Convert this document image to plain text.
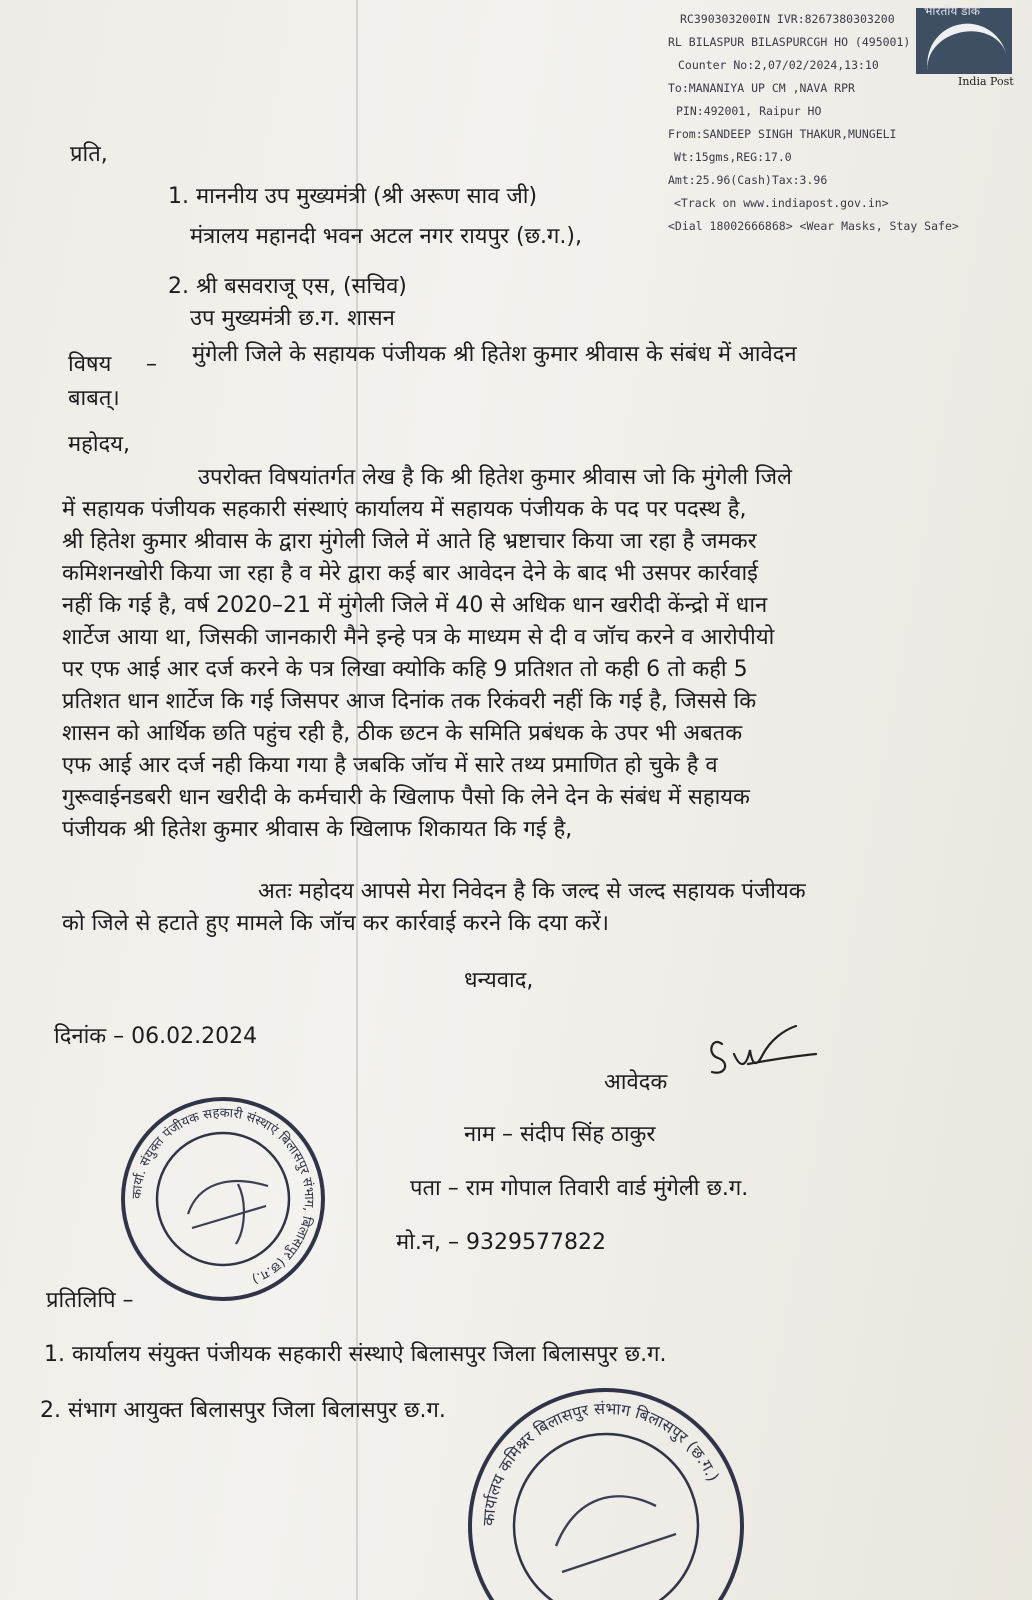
भारतीय डाक
India Post
RC390303200IN IVR:8267380303200
RL BILASPUR BILASPURCGH HO (495001)
Counter No:2,07/02/2024,13:10
To:MANANIYA UP CM ,NAVA RPR
PIN:492001, Raipur HO
From:SANDEEP SINGH THAKUR,MUNGELI
Wt:15gms,REG:17.0
Amt:25.96(Cash)Tax:3.96
<Track on www.indiapost.gov.in>
<Dial 18002666868> <Wear Masks, Stay Safe>
प्रति,
1. माननीय उप मुख्यमंत्री (श्री अरूण साव जी)
मंत्रालय महानदी भवन अटल नगर रायपुर (छ.ग.),
2. श्री बसवराजू एस, (सचिव)
उप मुख्यमंत्री छ.ग. शासन
विषय – मुंगेली जिले के सहायक पंजीयक श्री हितेश कुमार श्रीवास के संबंध में आवेदन
बाबत्।
महोदय,
उपरोक्त विषयांतर्गत लेख है कि श्री हितेश कुमार श्रीवास जो कि मुंगेली जिले
में सहायक पंजीयक सहकारी संस्थाएं कार्यालय में सहायक पंजीयक के पद पर पदस्थ है,
श्री हितेश कुमार श्रीवास के द्वारा मुंगेली जिले में आते हि भ्रष्टाचार किया जा रहा है जमकर
कमिशनखोरी किया जा रहा है व मेरे द्वारा कई बार आवेदन देने के बाद भी उसपर कार्रवाई
नहीं कि गई है, वर्ष 2020–21 में मुंगेली जिले में 40 से अधिक धान खरीदी केंन्द्रो में धान
शार्टेज आया था, जिसकी जानकारी मैने इन्हे पत्र के माध्यम से दी व जॉच करने व आरोपीयो
पर एफ आई आर दर्ज करने के पत्र लिखा क्योकि कहि 9 प्रतिशत तो कही 6 तो कही 5
प्रतिशत धान शार्टेज कि गई जिसपर आज दिनांक तक रिकंवरी नहीं कि गई है, जिससे कि
शासन को आर्थिक छति पहुंच रही है, ठीक छटन के समिति प्रबंधक के उपर भी अबतक
एफ आई आर दर्ज नही किया गया है जबकि जॉच में सारे तथ्य प्रमाणित हो चुके है व
गुरूवाईनडबरी धान खरीदी के कर्मचारी के खिलाफ पैसो कि लेने देन के संबंध में सहायक
पंजीयक श्री हितेश कुमार श्रीवास के खिलाफ शिकायत कि गई है,
अतः महोदय आपसे मेरा निवेदन है कि जल्द से जल्द सहायक पंजीयक
को जिले से हटाते हुए मामले कि जॉच कर कार्रवाई करने कि दया करें।
धन्यवाद,
दिनांक – 06.02.2024
आवेदक
नाम – संदीप सिंह ठाकुर
पता – राम गोपाल तिवारी वार्ड मुंगेली छ.ग.
मो.न, – 9329577822
कार्या. संयुक्त पंजीयक सहकारी संस्थाएं बिलासपुर संभाग, बिलासपुर (छ.ग.)
प्रतिलिपि –
1. कार्यालय संयुक्त पंजीयक सहकारी संस्थाऐ बिलासपुर जिला बिलासपुर छ.ग.
2. संभाग आयुक्त बिलासपुर जिला बिलासपुर छ.ग.
कार्यालय कमिश्नर बिलासपुर संभाग बिलासपुर (छ.ग.)
